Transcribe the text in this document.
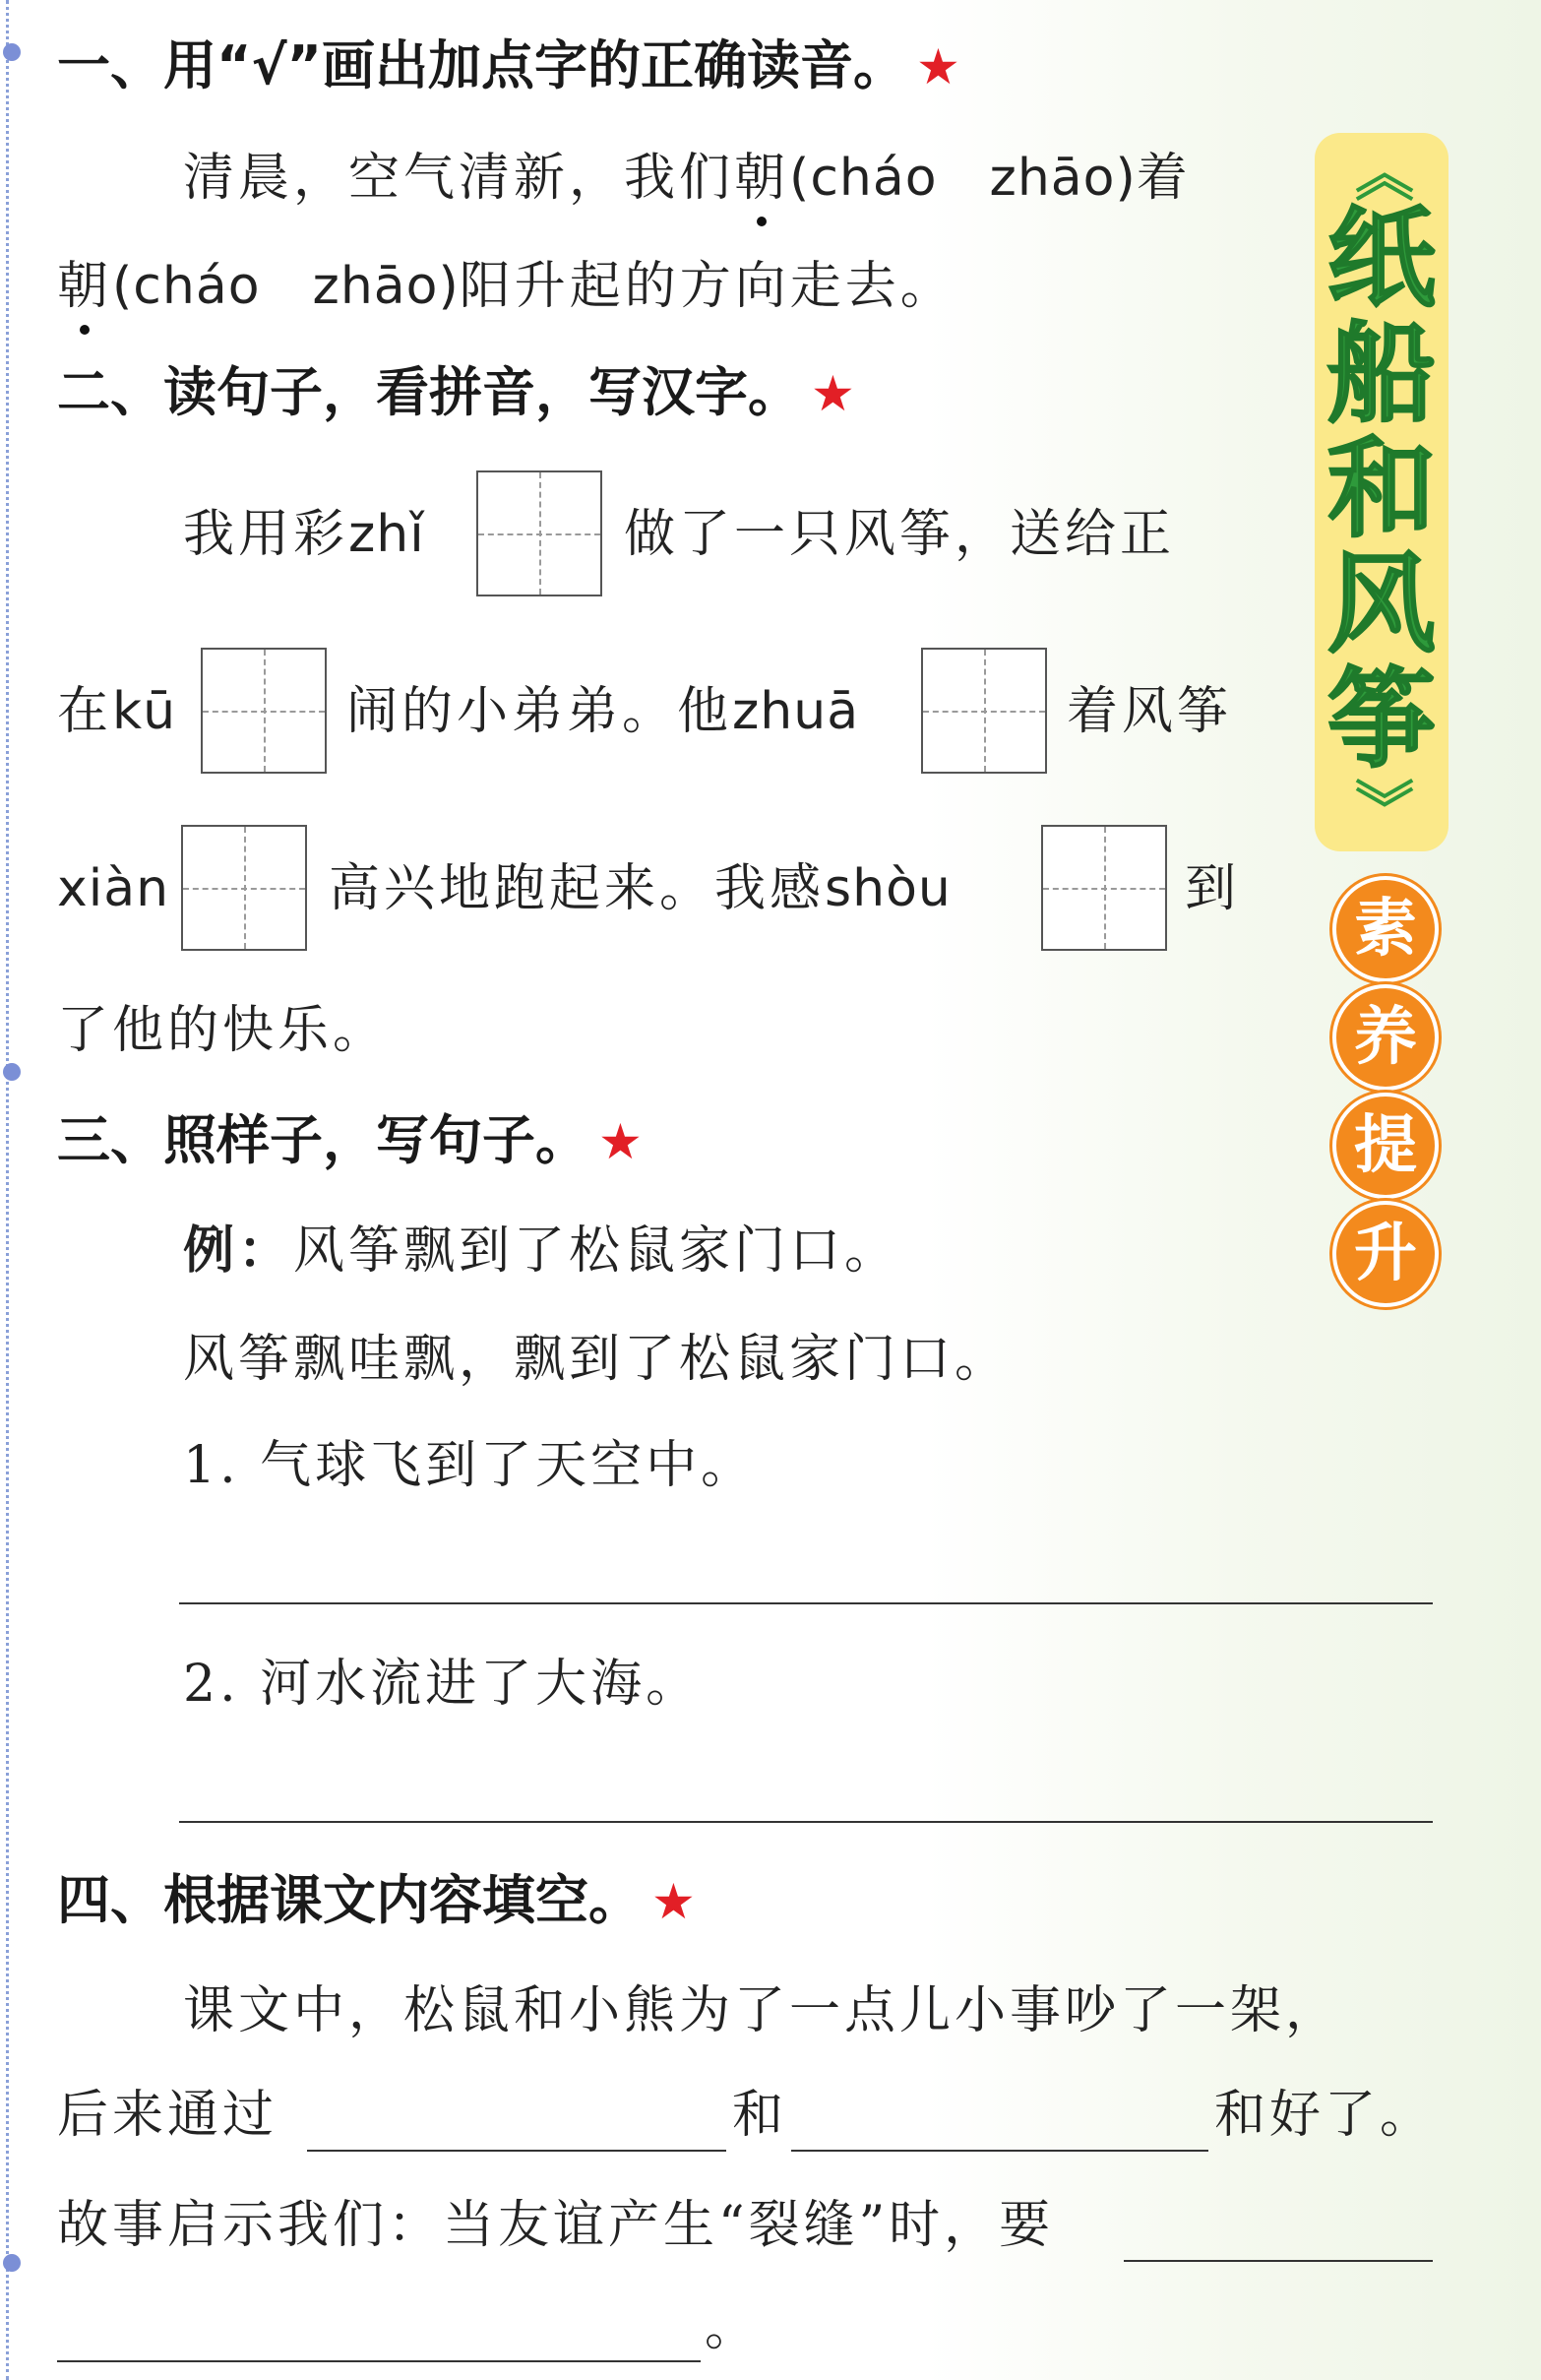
一、用“√”画出加点字的正确读音。 ★
清晨，空气清新，我们朝(cháo　zhāo)着
朝(cháo　zhāo)阳升起的方向走去。
二、读句子，看拼音，写汉字。 ★
我用彩zhǐ	做了一只风筝，送给正
在kū	闹的小弟弟。他zhuā	着风筝
xiàn	高兴地跑起来。我感shòu	到
了他的快乐。
三、照样子，写句子。 ★
例：风筝飘到了松鼠家门口。
风筝飘哇飘，飘到了松鼠家门口。
1. 气球飞到了天空中。
2. 河水流进了大海。
四、根据课文内容填空。 ★
课文中，松鼠和小熊为了一点儿小事吵了一架，
后来通过	和	和好了。
故事启示我们：当友谊产生“裂缝”时，要
。
《
纸
船
和
风
筝
》
素
养
提
升
